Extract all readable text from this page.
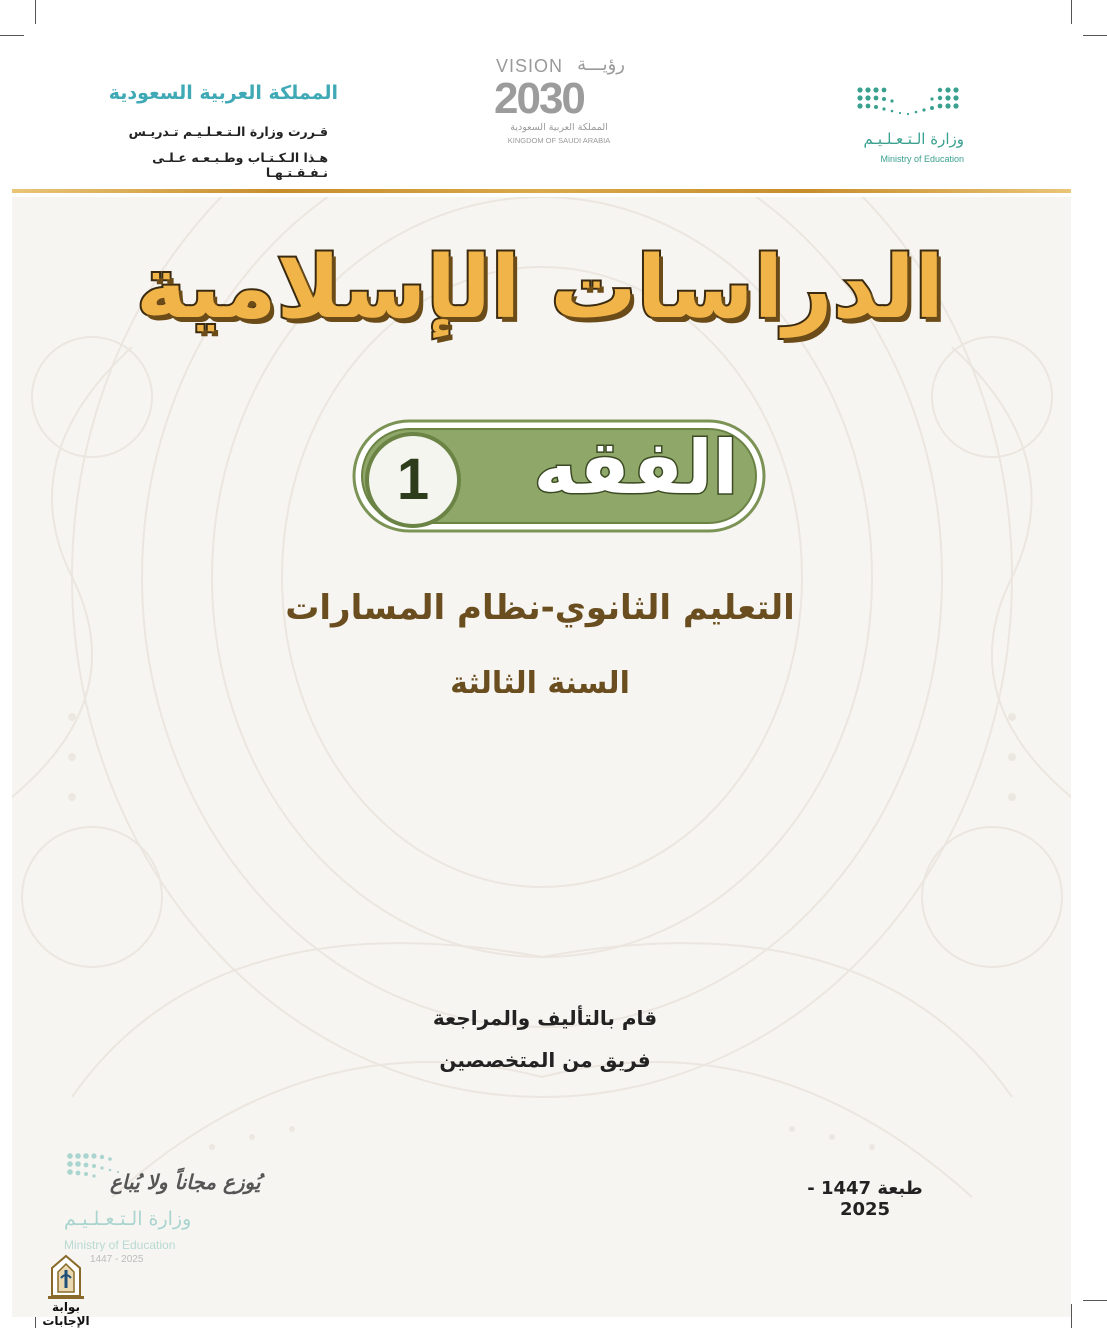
المملكة العربية السعودية
قـررت وزارة الـتـعـلـيـم تـدريـس
هـذا الـكـتـاب وطـبـعـه عـلـى نـفـقـتـهـا
VISION رؤيـــة
2030
المملكة العربية السعودية
KINGDOM OF SAUDI ARABIA	وزارة الـتـعـلـيـم
Ministry of Education
الدراسات الإسلامية
الفقه
1
التعليم الثانوي-نظام المسارات
السنة الثالثة
قام بالتأليف والمراجعة
فريق من المتخصصين
طبعة 1447 - 2025
يُوزع مجاناً ولا يُباع
وزارة الـتـعـلـيـم
Ministry of Education
1447 - 2025
بوابة الإجابات
